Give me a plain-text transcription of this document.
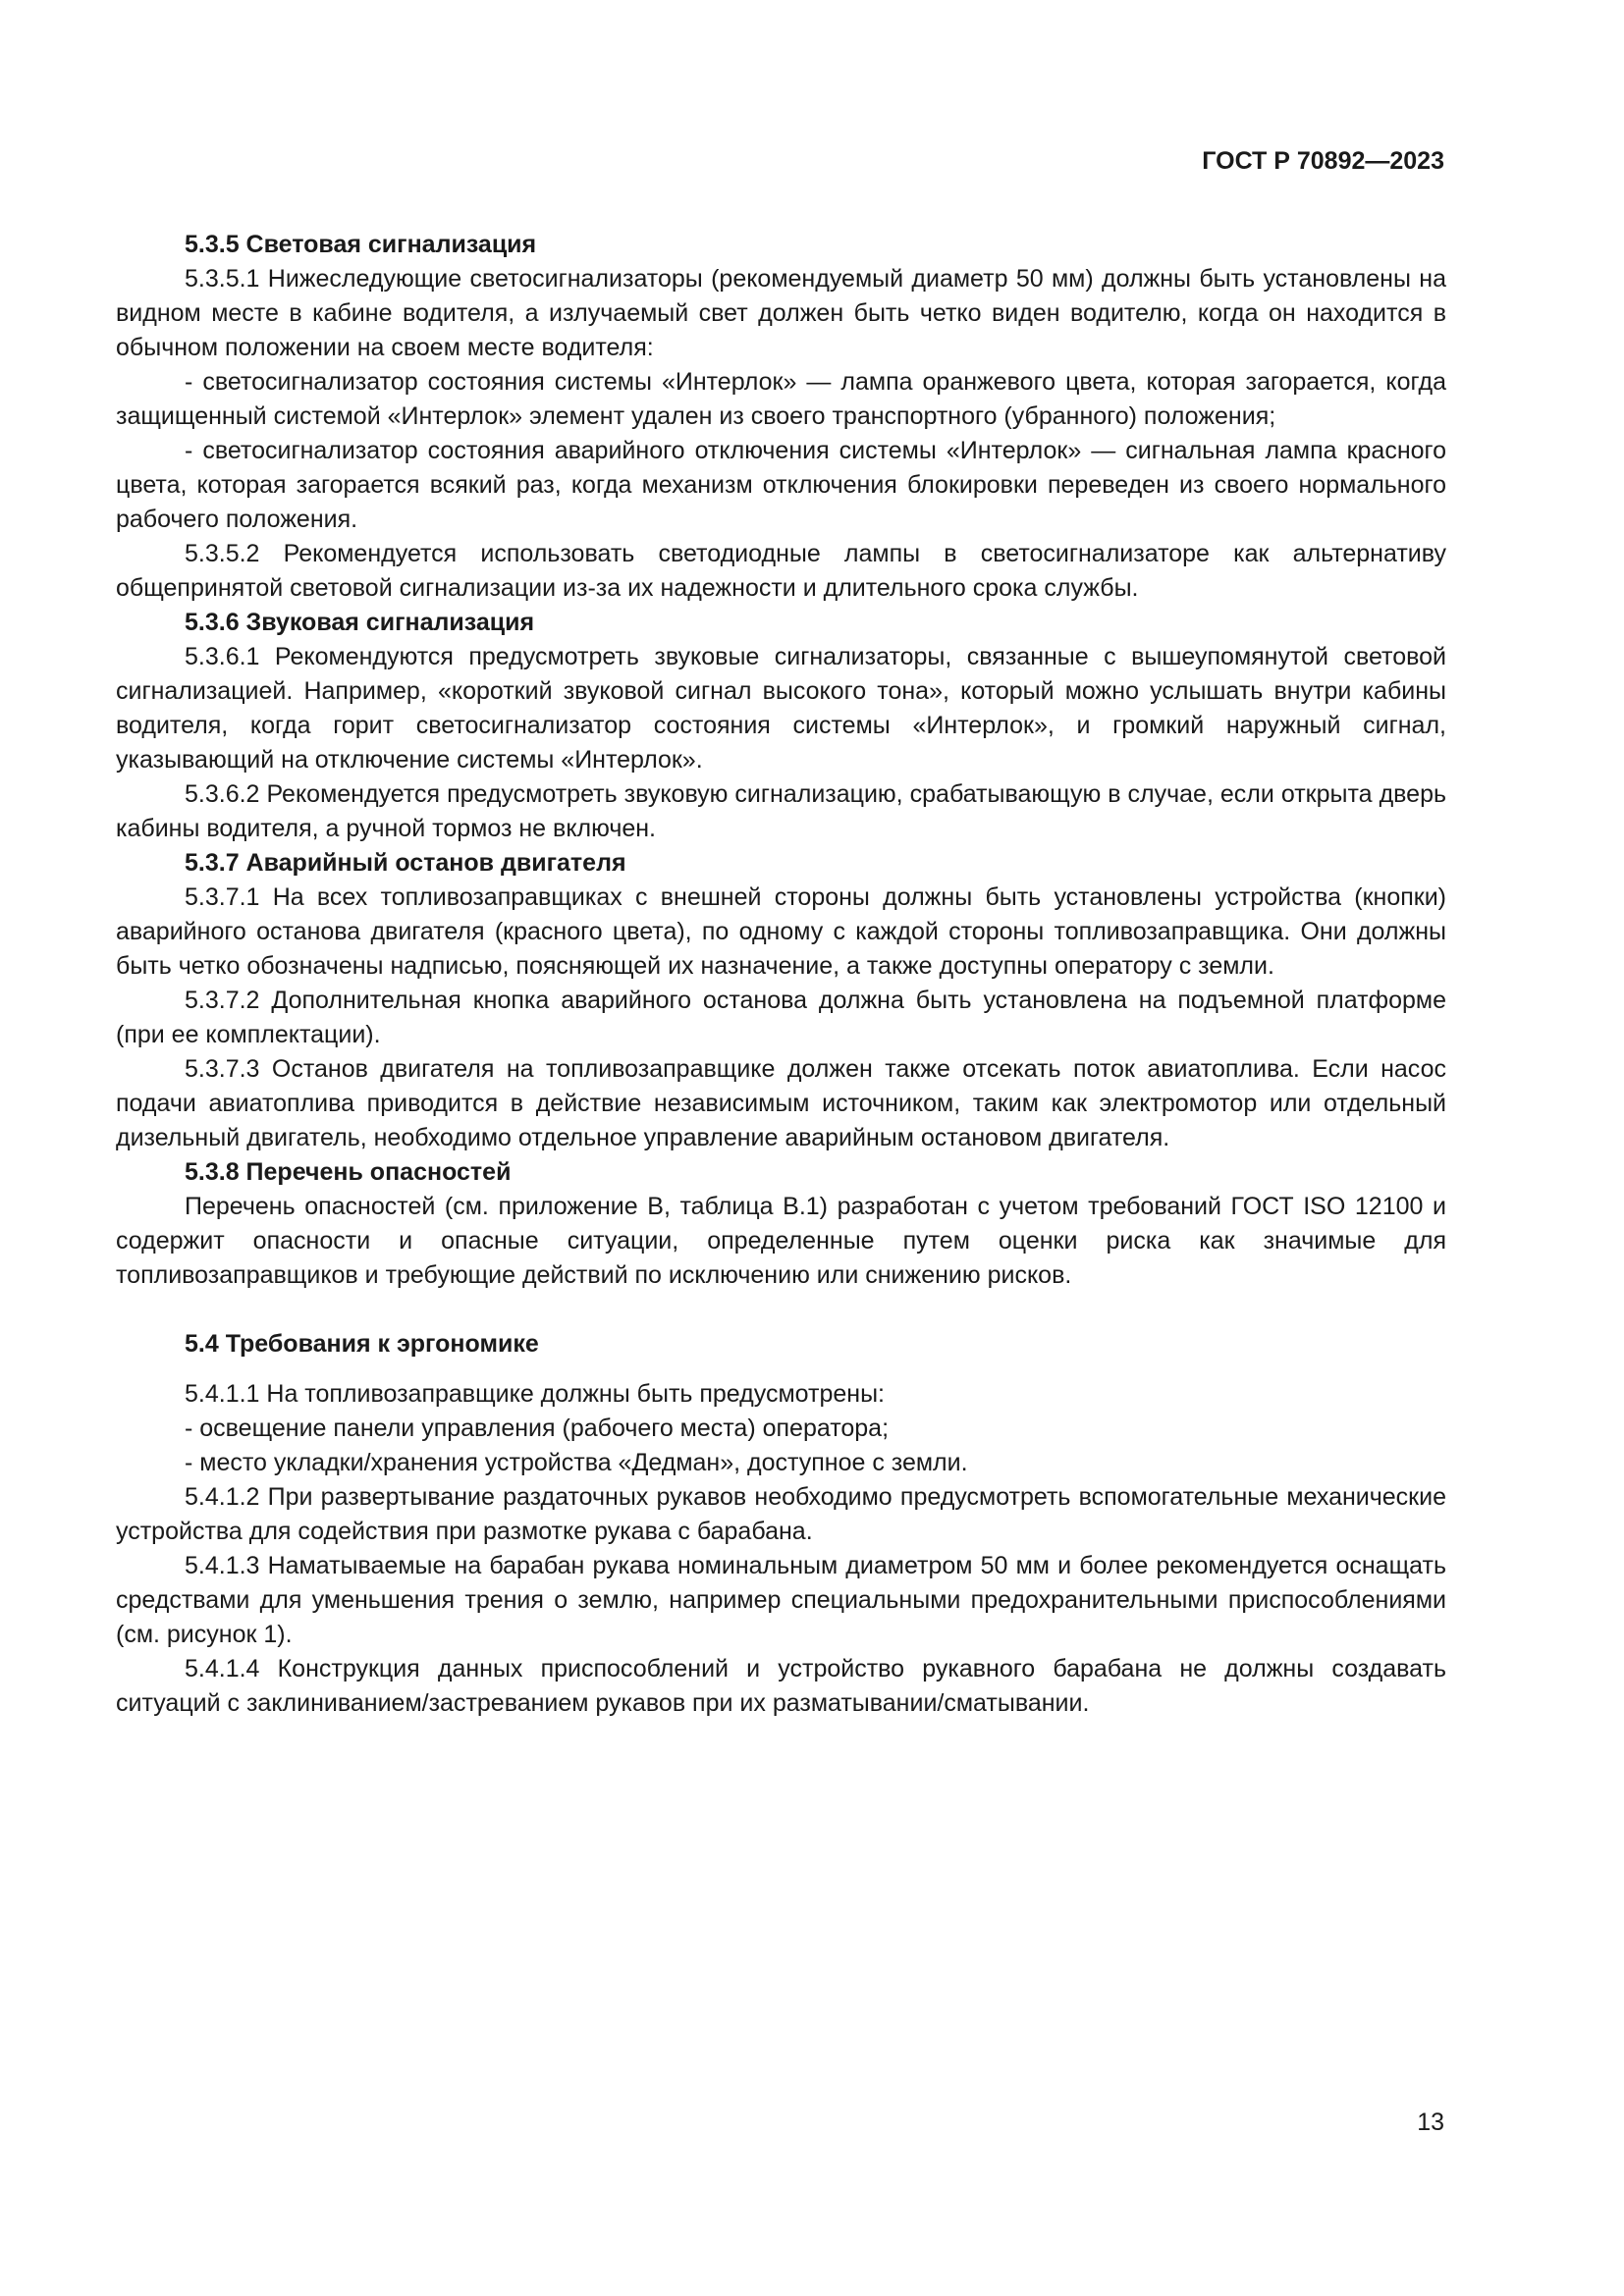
ГОСТ Р 70892—2023
5.3.5 Световая сигнализация

5.3.5.1 Нижеследующие светосигнализаторы (рекомендуемый диаметр 50 мм) должны быть установлены на видном месте в кабине водителя, а излучаемый свет должен быть четко виден водителю, когда он находится в обычном положении на своем месте водителя:

- светосигнализатор состояния системы «Интерлок» — лампа оранжевого цвета, которая загорается, когда защищенный системой «Интерлок» элемент удален из своего транспортного (убранного) положения;

- светосигнализатор состояния аварийного отключения системы «Интерлок» — сигнальная лампа красного цвета, которая загорается всякий раз, когда механизм отключения блокировки переведен из своего нормального рабочего положения.

5.3.5.2 Рекомендуется использовать светодиодные лампы в светосигнализаторе как альтернативу общепринятой световой сигнализации из-за их надежности и длительного срока службы.

5.3.6 Звуковая сигнализация

5.3.6.1 Рекомендуются предусмотреть звуковые сигнализаторы, связанные с вышеупомянутой световой сигнализацией. Например, «короткий звуковой сигнал высокого тона», который можно услышать внутри кабины водителя, когда горит светосигнализатор состояния системы «Интерлок», и громкий наружный сигнал, указывающий на отключение системы «Интерлок».

5.3.6.2 Рекомендуется предусмотреть звуковую сигнализацию, срабатывающую в случае, если открыта дверь кабины водителя, а ручной тормоз не включен.

5.3.7 Аварийный останов двигателя

5.3.7.1 На всех топливозаправщиках с внешней стороны должны быть установлены устройства (кнопки) аварийного останова двигателя (красного цвета), по одному с каждой стороны топливозаправщика. Они должны быть четко обозначены надписью, поясняющей их назначение, а также доступны оператору с земли.

5.3.7.2 Дополнительная кнопка аварийного останова должна быть установлена на подъемной платформе (при ее комплектации).

5.3.7.3 Останов двигателя на топливозаправщике должен также отсекать поток авиатоплива. Если насос подачи авиатоплива приводится в действие независимым источником, таким как электромотор или отдельный дизельный двигатель, необходимо отдельное управление аварийным остановом двигателя.

5.3.8 Перечень опасностей

Перечень опасностей (см. приложение В, таблица В.1) разработан с учетом требований ГОСТ ISO 12100 и содержит опасности и опасные ситуации, определенные путем оценки риска как значимые для топливозаправщиков и требующие действий по исключению или снижению рисков.

5.4 Требования к эргономике

5.4.1.1 На топливозаправщике должны быть предусмотрены:

- освещение панели управления (рабочего места) оператора;

- место укладки/хранения устройства «Дедман», доступное с земли.

5.4.1.2 При развертывание раздаточных рукавов необходимо предусмотреть вспомогательные механические устройства для содействия при размотке рукава с барабана.

5.4.1.3 Наматываемые на барабан рукава номинальным диаметром 50 мм и более рекомендуется оснащать средствами для уменьшения трения о землю, например специальными предохранительными приспособлениями (см. рисунок 1).

5.4.1.4 Конструкция данных приспособлений и устройство рукавного барабана не должны создавать ситуаций с заклиниванием/застреванием рукавов при их разматывании/сматывании.

13
